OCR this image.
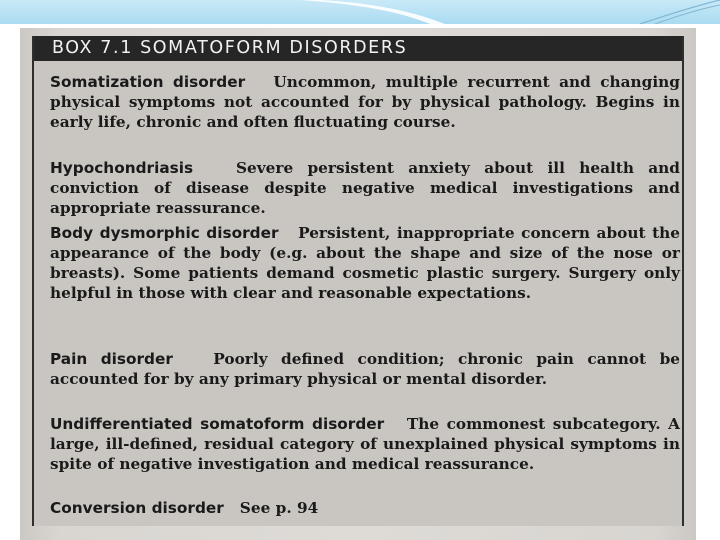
BOX 7.1 SOMATOFORM DISORDERS
Somatization disorder Uncommon, multiple recurrent and changing physical symptoms not accounted for by physical pathology. Begins in early life, chronic and often fluctuating course.
Hypochondriasis	Severe persistent anxiety about ill health and conviction of disease despite negative medical investigations and appropriate reassurance.
Body dysmorphic disorder Persistent, inappropriate concern about the appearance of the body (e.g. about the shape and size of the nose or breasts). Some patients demand cosmetic plastic surgery. Surgery only helpful in those with clear and reasonable expectations.
Pain disorder	Poorly defined condition; chronic pain cannot be accounted for by any primary physical or mental disorder.
Undifferentiated somatoform disorder The commonest subcategory. A large, ill-defined, residual category of unexplained physical symptoms in spite of negative investigation and medical reassurance.
Conversion disorder See p. 94
